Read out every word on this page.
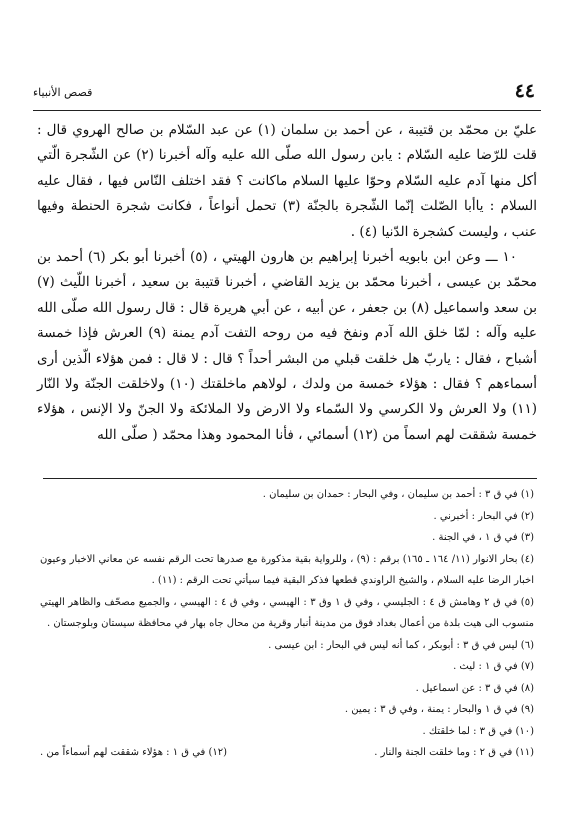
٤٤
قصص الأنبياء

عليّ بن محمّد بن قتيبة ، عن أحمد بن سلمان (١) عن عبد السّلام بن صالح الهروي قال : قلت للرّضا عليه السّلام : يابن رسول الله صلّى الله عليه وآله أخبرنا (٢) عن الشّجرة الّتي أكل منها آدم عليه السّلام وحوّا عليها السلام ماكانت ؟ فقد اختلف النّاس فيها ، فقال عليه السلام : ياأبا الصّلت إنّما الشّجرة بالجنّة (٣) تحمل أنواعاً ، فكانت شجرة الحنطة وفيها عنب ، وليست كشجرة الدّنيا (٤) .

١٠ ـــ وعن ابن بابويه أخبرنا إبراهيم بن هارون الهيتي ، (٥) أخبرنا أبو بكر (٦) أحمد بن محمّد بن عيسى ، أخبرنا محمّد بن يزيد القاضي ، أخبرنا قتيبة بن سعيد ، أخبرنا اللّيث (٧) بن سعد واسماعيل (٨) بن جعفر ، عن أبيه ، عن أبي هريرة قال : قال رسول الله صلّى الله عليه وآله : لمّا خلق الله آدم ونفخ فيه من روحه التفت آدم يمنة (٩) العرش فإذا خمسة أشباح ، فقال : ياربّ هل خلقت قبلي من البشر أحداً ؟ قال : لا قال : فمن هؤلاء الّذين أرى أسماءهم ؟ فقال : هؤلاء خمسة من ولدك ، لولاهم ماخلقتك (١٠) ولاخلقت الجنّة ولا النّار (١١) ولا العرش ولا الكرسي ولا السّماء ولا الارض ولا الملائكة ولا الجنّ ولا الإنس ، هؤلاء خمسة شققت لهم اسماً من (١٢) أسمائي ، فأنا المحمود وهذا محمّد ( صلّى الله

(١) في ق ٣ : أحمد بن سليمان ، وفي البحار : حمدان بن سليمان .

(٢) في البحار : أخبرني .

(٣) في ق ١ ، في الجنة .

(٤) بحار الانوار (١١/ ١٦٤ ـ ١٦٥) برقم : (٩) ، وللرواية بقية مذكورة مع صدرها تحت الرقم نفسه عن معاني الاخبار وعيون اخبار الرضا عليه السلام ، والشيخ الراوندي قطعها فذكر البقية فيما سيأتي تحت الرقم : (١١) .

(٥) في ق ٢ وهامش ق ٤ : الجليسي ، وفي ق ١ وق ٣ : الهيسي ، وفي ق ٤ : الهيسي ، والجميع مصحّف والظاهر الهيتي منسوب الى هيت بلدة من أعمال بغداد فوق من مدينة أنبار وقرية من محال جاه بهار في محافظة سيستان وبلوجستان .

(٦) ليس في ق ٣ : أبوبكر ، كما أنه ليس في البحار : ابن عيسى .

(٧) في ق ١ : ليث .

(٨) في ق ٣ : عن اسماعيل .

(٩) في ق ١ والبحار : يمنة ، وفي ق ٣ : يمين .

(١٠) في ق ٣ : لما خلقتك .

(١١) في ق ٢ : وما خلقت الجنة والنار .
(١٢) في ق ١ : هؤلاء شققت لهم أسماءاً من .
